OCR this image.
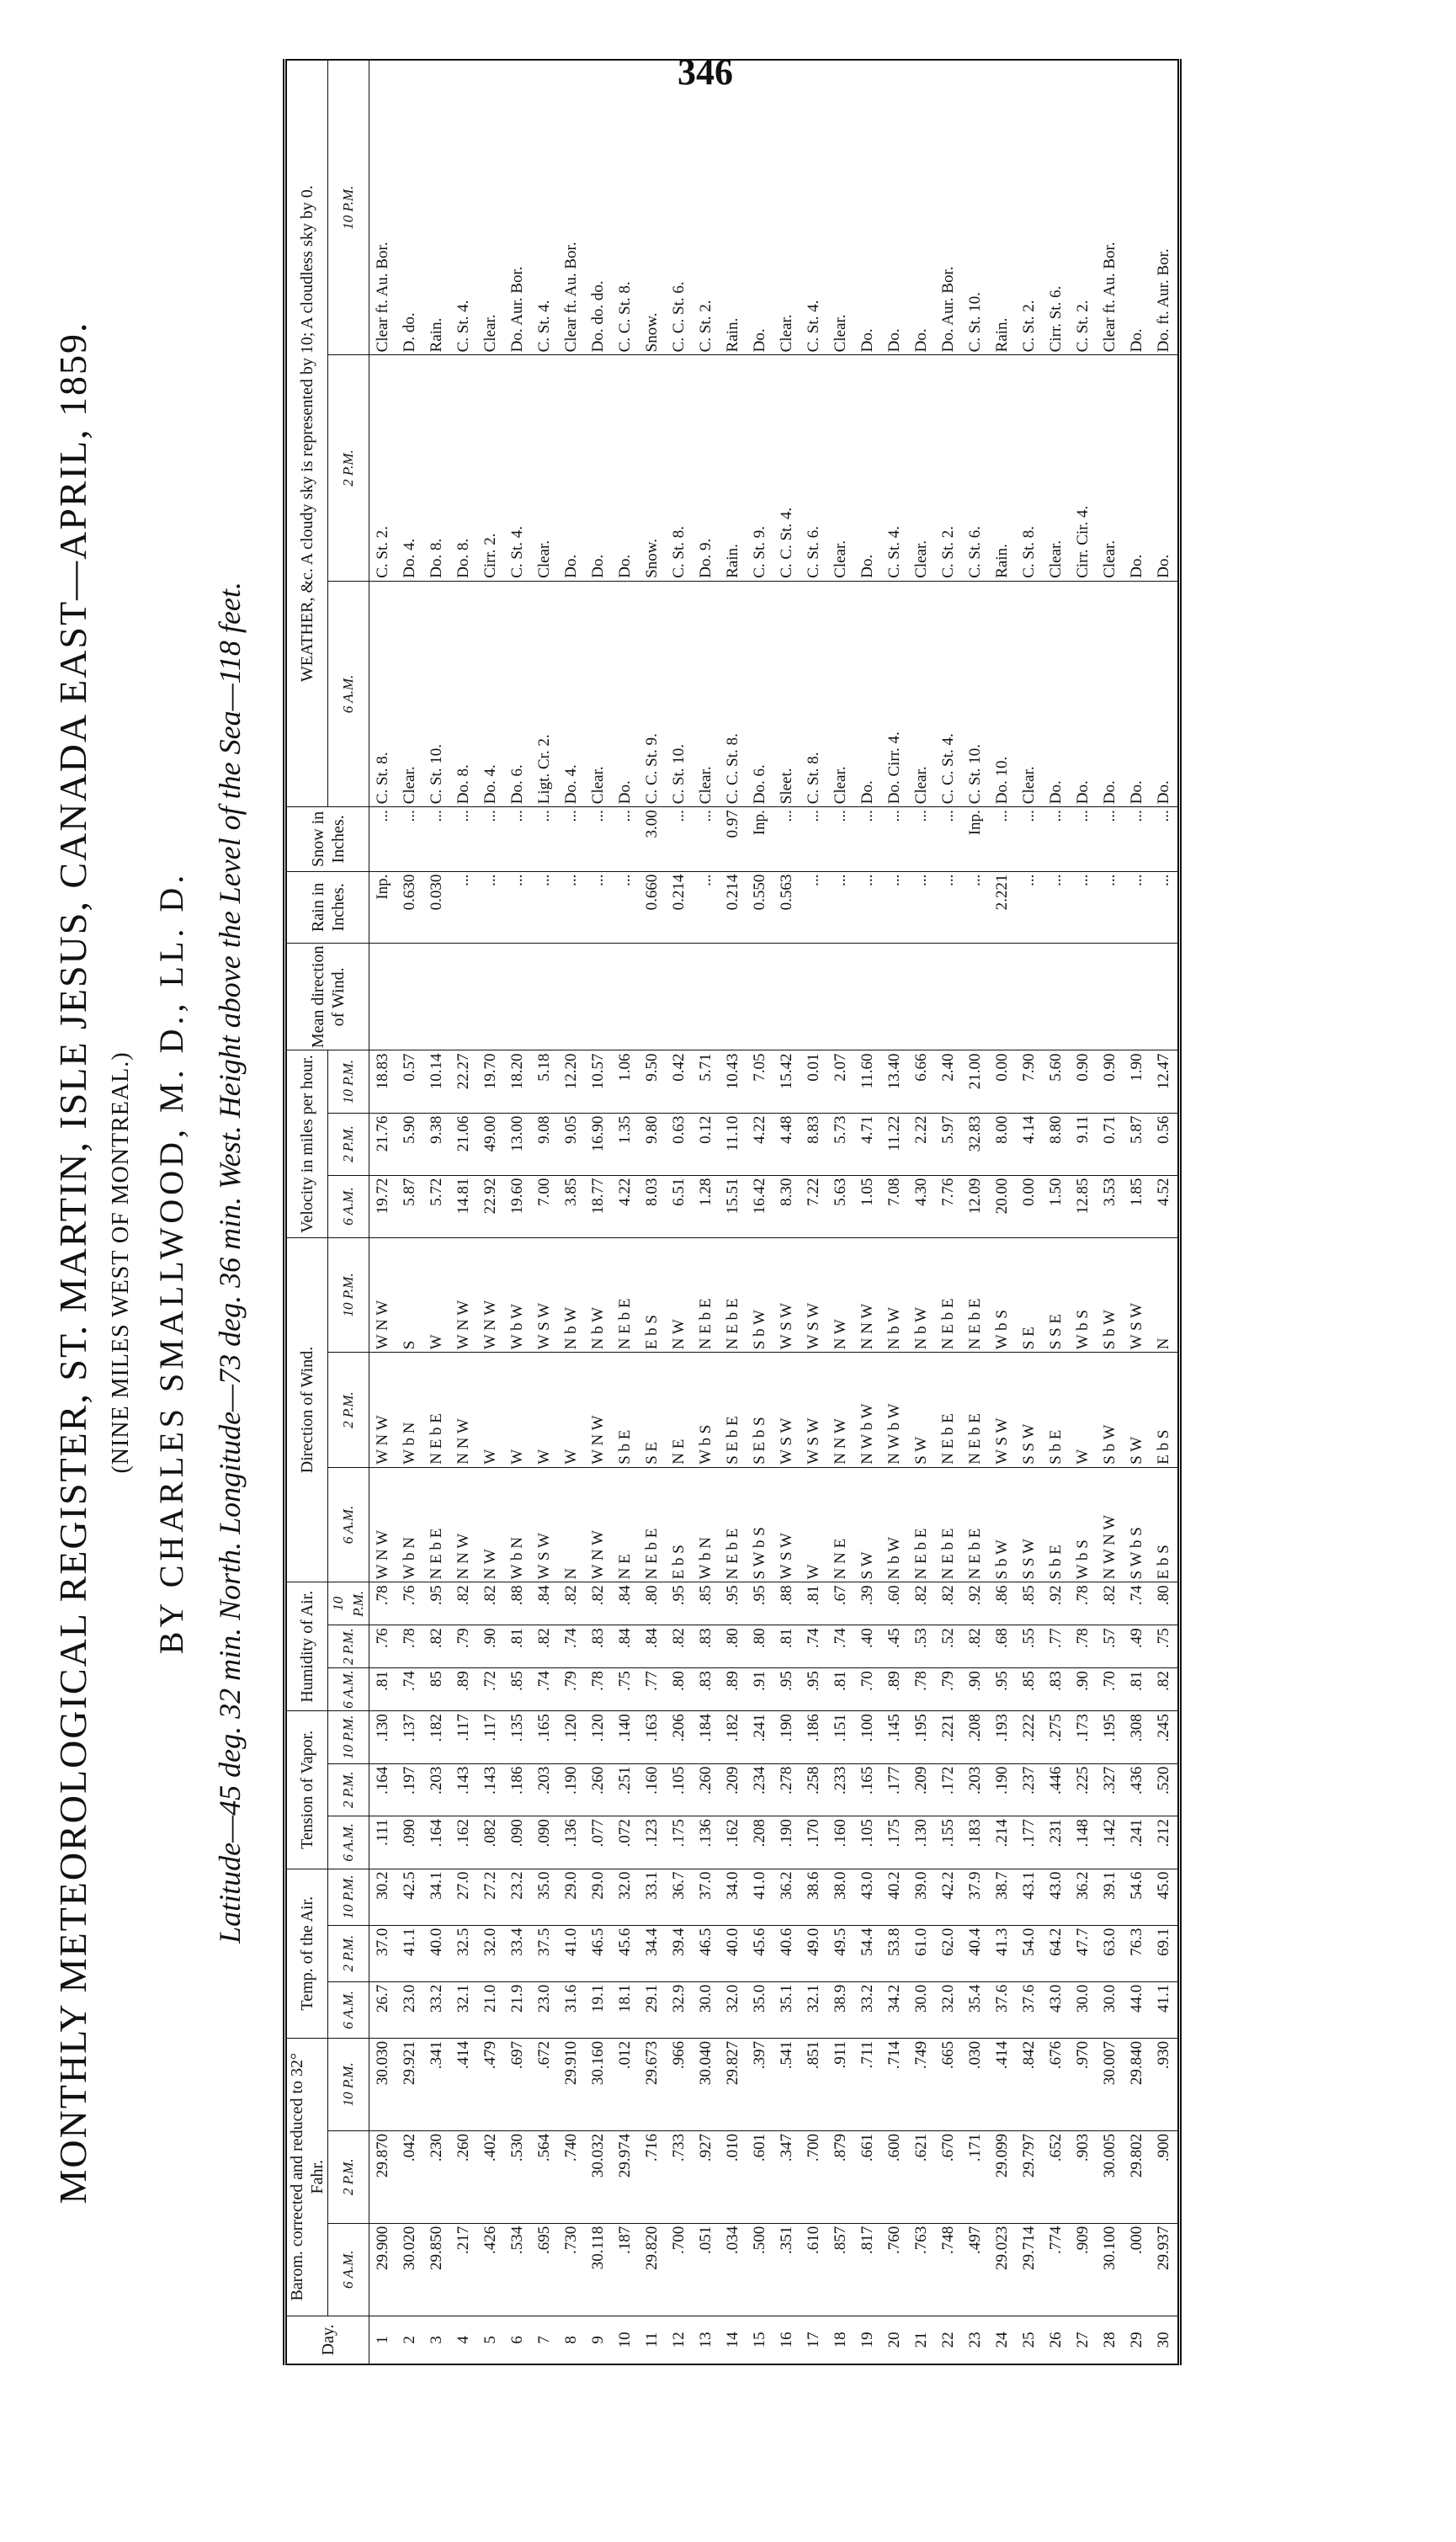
346
MONTHLY METEOROLOGICAL REGISTER, ST. MARTIN, ISLE JESUS, CANADA EAST—APRIL, 1859. (NINE MILES WEST OF MONTREAL.) BY CHARLES SMALLWOOD, M. D., LL. D. Latitude—45 deg. 32 min. North. Longitude—73 deg. 36 min. West. Height above the Level of the Sea—118 feet.
Day.	Barom. corrected and reduced to 32° Fahr.			Temp. of the Air.			Tension of Vapor.			Humidity of Air.			Direction of Wind.			Velocity in miles per hour.			Mean direction of Wind.	Rain in Inches.	Snow in Inches.	WEATHER, &c. A cloudy sky is represented by 10; A cloudless sky by 0.		
	6 A.M.	2 P.M.	10 P.M.	6 A.M.	2 P.M.	10 P.M.	6 A.M.	2 P.M.	10 P.M.	6 A.M.	2 P.M.	10 P.M.	6 A.M.	2 P.M.	10 P.M.	6 A.M.	2 P.M.	10 P.M.				6 A.M.	2 P.M.	10 P.M.
1	29.900	29.870	30.030	26.7	37.0	30.2	.111	.164	.130	.81	.76	.78	W N W	W N W	W N W	19.72	21.76	18.83		Inp.	...	C. St. 8.	C. St. 2.	Clear ft. Au. Bor.
2	30.020	.042	29.921	23.0	41.1	42.5	.090	.197	.137	.74	.78	.76	W b N	W b N	S	5.87	5.90	0.57		0.630	...	Clear.	Do. 4.	D. do.
3	29.850	.230	.341	33.2	40.0	34.1	.164	.203	.182	85	.82	.95	N E b E	N E b E	W	5.72	9.38	10.14		0.030	...	C. St. 10.	Do. 8.	Rain.
4	.217	.260	.414	32.1	32.5	27.0	.162	.143	.117	.89	.79	.82	N N W	N N W	W N W	14.81	21.06	22.27		...	...	Do. 8.	Do. 8.	C. St. 4.
5	.426	.402	.479	21.0	32.0	27.2	.082	.143	.117	.72	.90	.82	N W	W	W N W	22.92	49.00	19.70		...	...	Do. 4.	Cirr. 2.	Clear.
6	.534	.530	.697	21.9	33.4	23.2	.090	.186	.135	.85	.81	.88	W b N	W	W b W	19.60	13.00	18.20		...	...	Do. 6.	C. St. 4.	Do. Aur. Bor.
7	.695	.564	.672	23.0	37.5	35.0	.090	.203	.165	.74	.82	.84	W S W	W	W S W	7.00	9.08	5.18		...	...	Ligt. Cr. 2.	Clear.	C. St. 4.
8	.730	.740	29.910	31.6	41.0	29.0	.136	.190	.120	.79	.74	.82	N	W	N b W	3.85	9.05	12.20		...	...	Do. 4.	Do.	Clear ft. Au. Bor.
9	30.118	30.032	30.160	19.1	46.5	29.0	.077	.260	.120	.78	.83	.82	W N W	W N W	N b W	18.77	16.90	10.57		...	...	Clear.	Do.	Do. do. do.
10	.187	29.974	.012	18.1	45.6	32.0	.072	.251	.140	.75	.84	.84	N E	S b E	N E b E	4.22	1.35	1.06		...	...	Do.	Do.	C. C. St. 8.
11	29.820	.716	29.673	29.1	34.4	33.1	.123	.160	.163	.77	.84	.80	N E b E	S E	E b S	8.03	9.80	9.50		0.660	3.00	C. C. St. 9.	Snow.	Snow.
12	.700	.733	.966	32.9	39.4	36.7	.175	.105	.206	.80	.82	.95	E b S	N E	N W	6.51	0.63	0.42		0.214	...	C. St. 10.	C. St. 8.	C. C. St. 6.
13	.051	.927	30.040	30.0	46.5	37.0	.136	.260	.184	.83	.83	.85	W b N	W b S	N E b E	1.28	0.12	5.71		...	...	Clear.	Do. 9.	C. St. 2.
14	.034	.010	29.827	32.0	40.0	34.0	.162	.209	.182	.89	.80	.95	N E b E	S E b E	N E b E	15.51	11.10	10.43		0.214	0.97	C. C. St. 8.	Rain.	Rain.
15	.500	.601	.397	35.0	45.6	41.0	.208	.234	.241	.91	.80	.95	S W b S	S E b S	S b W	16.42	4.22	7.05		0.550	Inp.	Do. 6.	C. St. 9.	Do.
16	.351	.347	.541	35.1	40.6	36.2	.190	.278	.190	.95	.81	.88	W S W	W S W	W S W	8.30	4.48	15.42		0.563	...	Sleet.	C. C. St. 4.	Clear.
17	.610	.700	.851	32.1	49.0	38.6	.170	.258	.186	.95	.74	.81	W	W S W	W S W	7.22	8.83	0.01		...	...	C. St. 8.	C. St. 6.	C. St. 4.
18	.857	.879	.911	38.9	49.5	38.0	.160	.233	.151	.81	.74	.67	N N E	N N W	N W	5.63	5.73	2.07		...	...	Clear.	Clear.	Clear.
19	.817	.661	.711	33.2	54.4	43.0	.105	.165	.100	.70	.40	.39	S W	N W b W	N N W	1.05	4.71	11.60		...	...	Do.	Do.	Do.
20	.760	.600	.714	34.2	53.8	40.2	.175	.177	.145	.89	.45	.60	N b W	N W b W	N b W	7.08	11.22	13.40		...	...	Do. Cirr. 4.	C. St. 4.	Do.
21	.763	.621	.749	30.0	61.0	39.0	.130	.209	.195	.78	.53	.82	N E b E	S W	N b W	4.30	2.22	6.66		...	...	Clear.	Clear.	Do.
22	.748	.670	.665	32.0	62.0	42.2	.155	.172	.221	.79	.52	.82	N E b E	N E b E	N E b E	7.76	5.97	2.40		...	...	C. C. St. 4.	C. St. 2.	Do. Aur. Bor.
23	.497	.171	.030	35.4	40.4	37.9	.183	.203	.208	.90	.82	.92	N E b E	N E b E	N E b E	12.09	32.83	21.00		...	Inp.	C. St. 10.	C. St. 6.	C. St. 10.
24	29.023	29.099	.414	37.6	41.3	38.7	.214	.190	.193	.95	.68	.86	S b W	W S W	W b S	20.00	8.00	0.00		2.221	...	Do. 10.	Rain.	Rain.
25	29.714	29.797	.842	37.6	54.0	43.1	.177	.237	.222	.85	.55	.85	S S W	S S W	S E	0.00	4.14	7.90		...	...	Clear.	C. St. 8.	C. St. 2.
26	.774	.652	.676	43.0	64.2	43.0	.231	.446	.275	.83	.77	.92	S b E	S b E	S S E	1.50	8.80	5.60		...	...	Do.	Clear.	Cirr. St. 6.
27	.909	.903	.970	30.0	47.7	36.2	.148	.225	.173	.90	.78	.78	W b S	W	W b S	12.85	9.11	0.90		...	...	Do.	Cirr. Cir. 4.	C. St. 2.
28	30.100	30.005	30.007	30.0	63.0	39.1	.142	.327	.195	.70	.57	.82	N W N W	S b W	S b W	3.53	0.71	0.90		...	...	Do.	Clear.	Clear ft. Au. Bor.
29	.000	29.802	29.840	44.0	76.3	54.6	.241	.436	.308	.81	.49	.74	S W b S	S W	W S W	1.85	5.87	1.90		...	...	Do.	Do.	Do.
30	29.937	.900	.930	41.1	69.1	45.0	.212	.520	.245	.82	.75	.80	E b S	E b S	N	4.52	0.56	12.47		...	...	Do.	Do.	Do. ft. Aur. Bor.
